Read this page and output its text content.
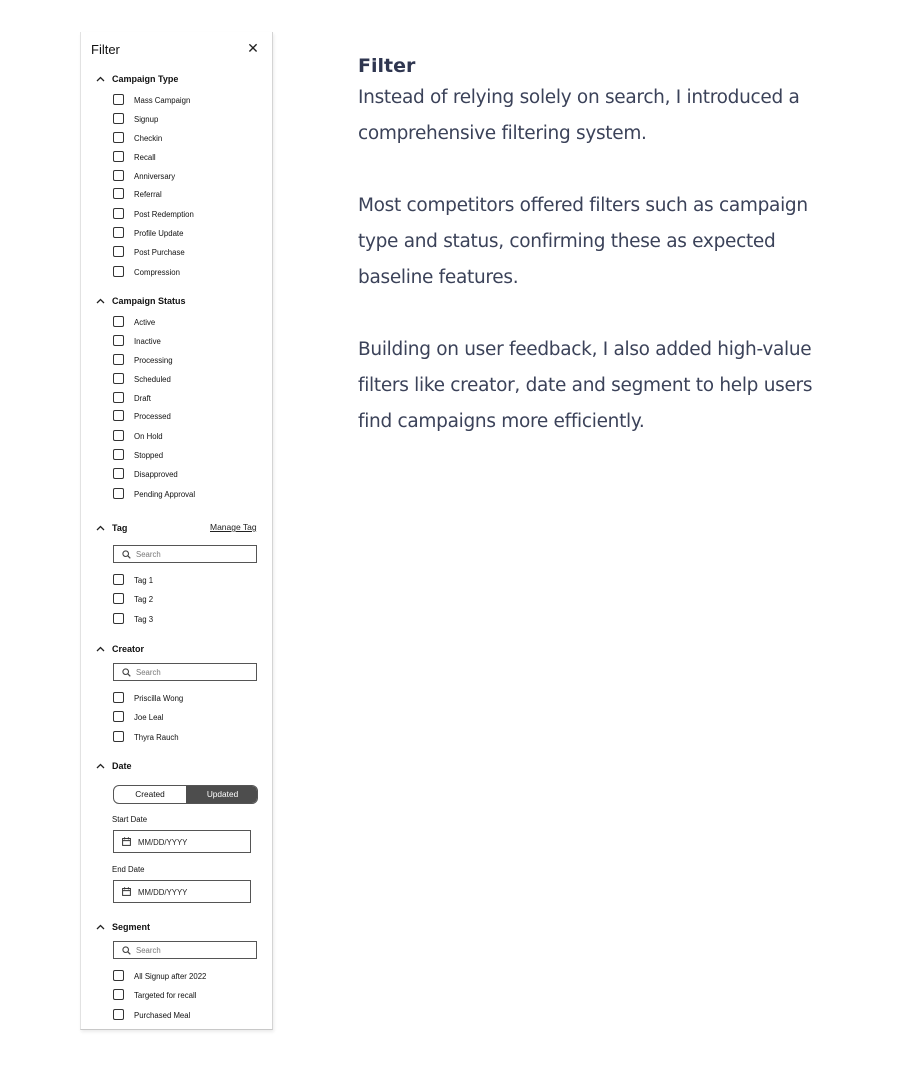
Filter	✕
Campaign Type
Mass Campaign
Signup
Checkin
Recall
Anniversary
Referral
Post Redemption
Profile Update
Post Purchase
Compression
Campaign Status
Active
Inactive
Processing
Scheduled
Draft
Processed
On Hold
Stopped
Disapproved
Pending Approval
Tag	Manage Tag
Search
Tag 1
Tag 2
Tag 3
Creator
Search
Priscilla Wong
Joe Leal
Thyra Rauch
Date
Created	Updated
Start Date
MM/DD/YYYY
End Date
MM/DD/YYYY
Segment
Search
All Signup after 2022
Targeted for recall
Purchased Meal
Filter

Instead of relying solely on search, I introduced a comprehensive filtering system.

Most competitors offered filters such as campaign type and status, confirming these as expected baseline features.

Building on user feedback, I also added high-value filters like creator, date and segment to help users find campaigns more efficiently.
